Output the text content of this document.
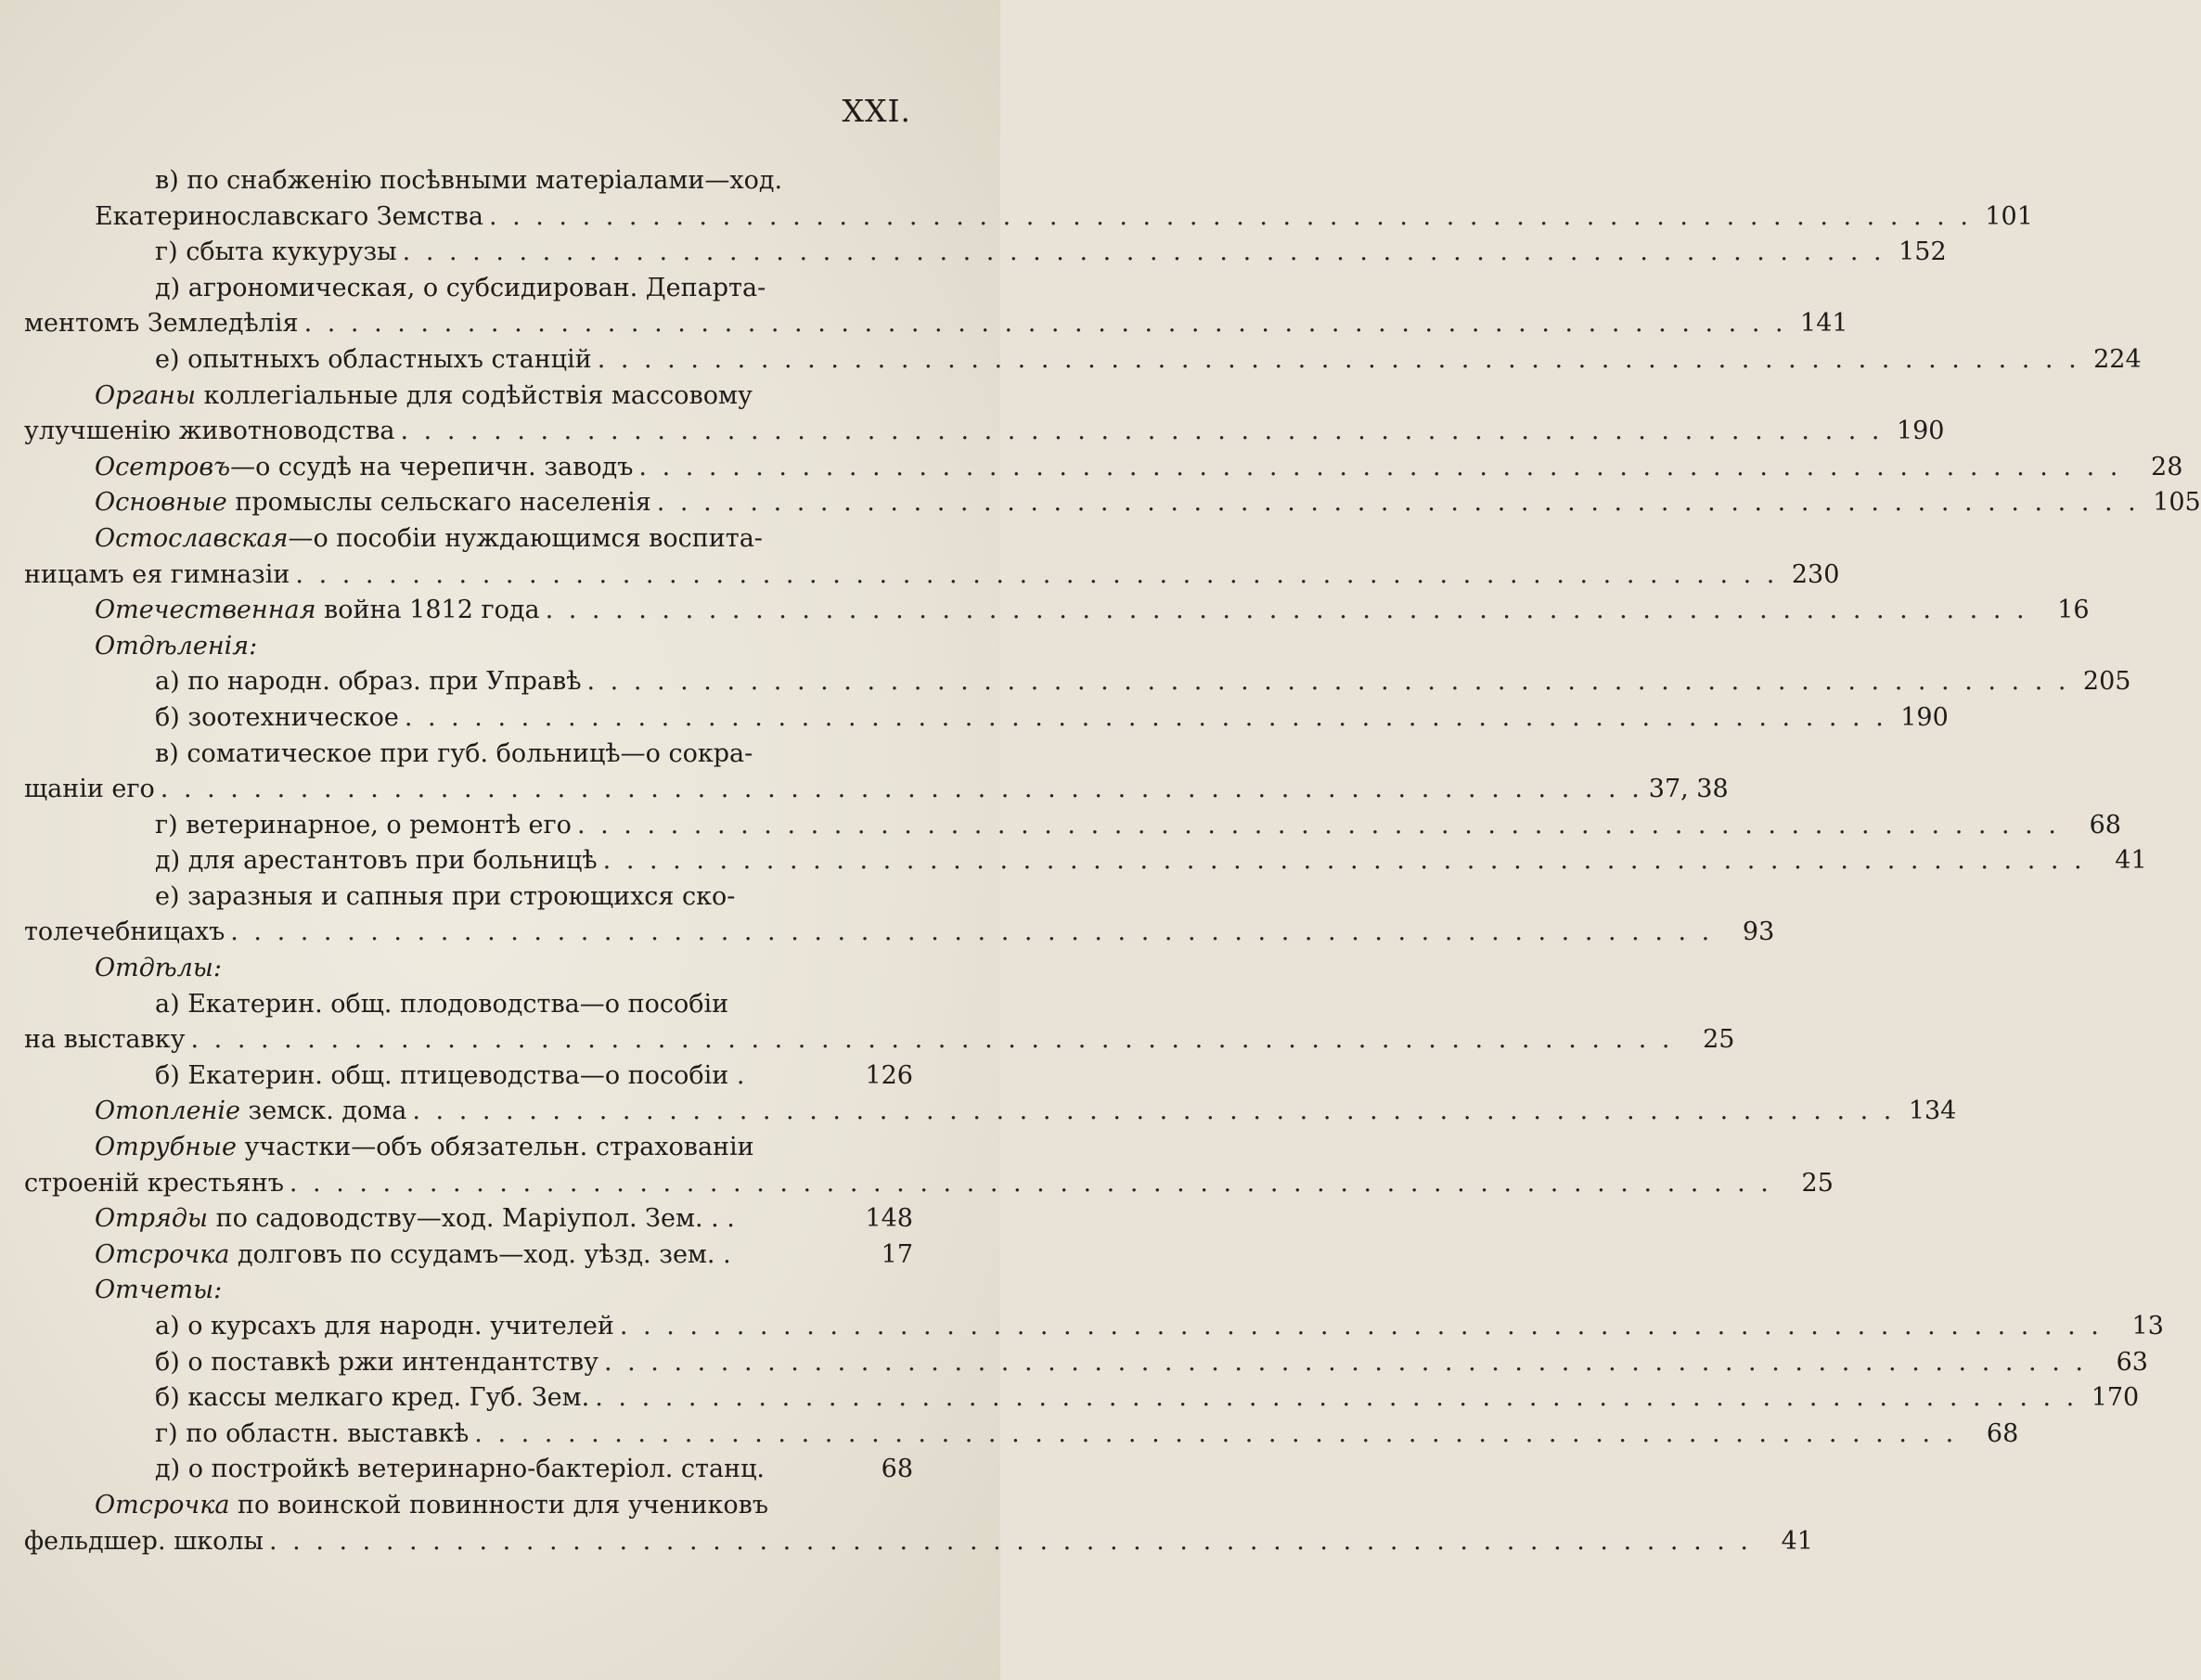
XXI.
в) по снабженію посѣвными матеріалами—ход.
Екатеринославскаго Земства . . .	101
г) сбыта кукурузы . . .	152
д) агрономическая, о субсидирован. Департа-
ментомъ Земледѣлія . . .	141
е) опытныхъ областныхъ станцій . . .	224
Органы коллегіальные для содѣйствія массовому
улучшенію животноводства . . .	190
Осетровъ—о ссудѣ на черепичн. заводъ . . .	28
Основные промыслы сельскаго населенія . . .	105
Остославская—о пособіи нуждающимся воспита-
ницамъ ея гимназіи . . .	230
Отечественная война 1812 года . . .	16
Отдѣленія:
а) по народн. образ. при Управѣ . . .	205
б) зоотехническое . . .	190
в) соматическое при губ. больницѣ—о сокра-
щаніи его . . .	37, 38
г) ветеринарное, о ремонтѣ его . . .	68
д) для арестантовъ при больницѣ . . .	41
е) заразныя и сапныя при строющихся ско-
толечебницахъ . . .	93
Отдѣлы:
а) Екатерин. общ. плодоводства—о пособіи
на выставку . . .	25
б) Екатерин. общ. птицеводства—о пособіи .	126
Отопленіе земск. дома . . .	134
Отрубные участки—объ обязательн. страхованіи
строеній крестьянъ . . .	25
Отряды по садоводству—ход. Маріупол. Зем. . .	148
Отсрочка долговъ по ссудамъ—ход. уѣзд. зем. .	17
Отчеты:
а) о курсахъ для народн. учителей . . .	13
б) о поставкѣ ржи интендантству . . .	63
б) кассы мелкаго кред. Губ. Зем. . . .	170
г) по областн. выставкѣ . . .	68
д) о постройкѣ ветеринарно-бактеріол. станц.	68
Отсрочка по воинской повинности для учениковъ
фельдшер. школы . . .	41
